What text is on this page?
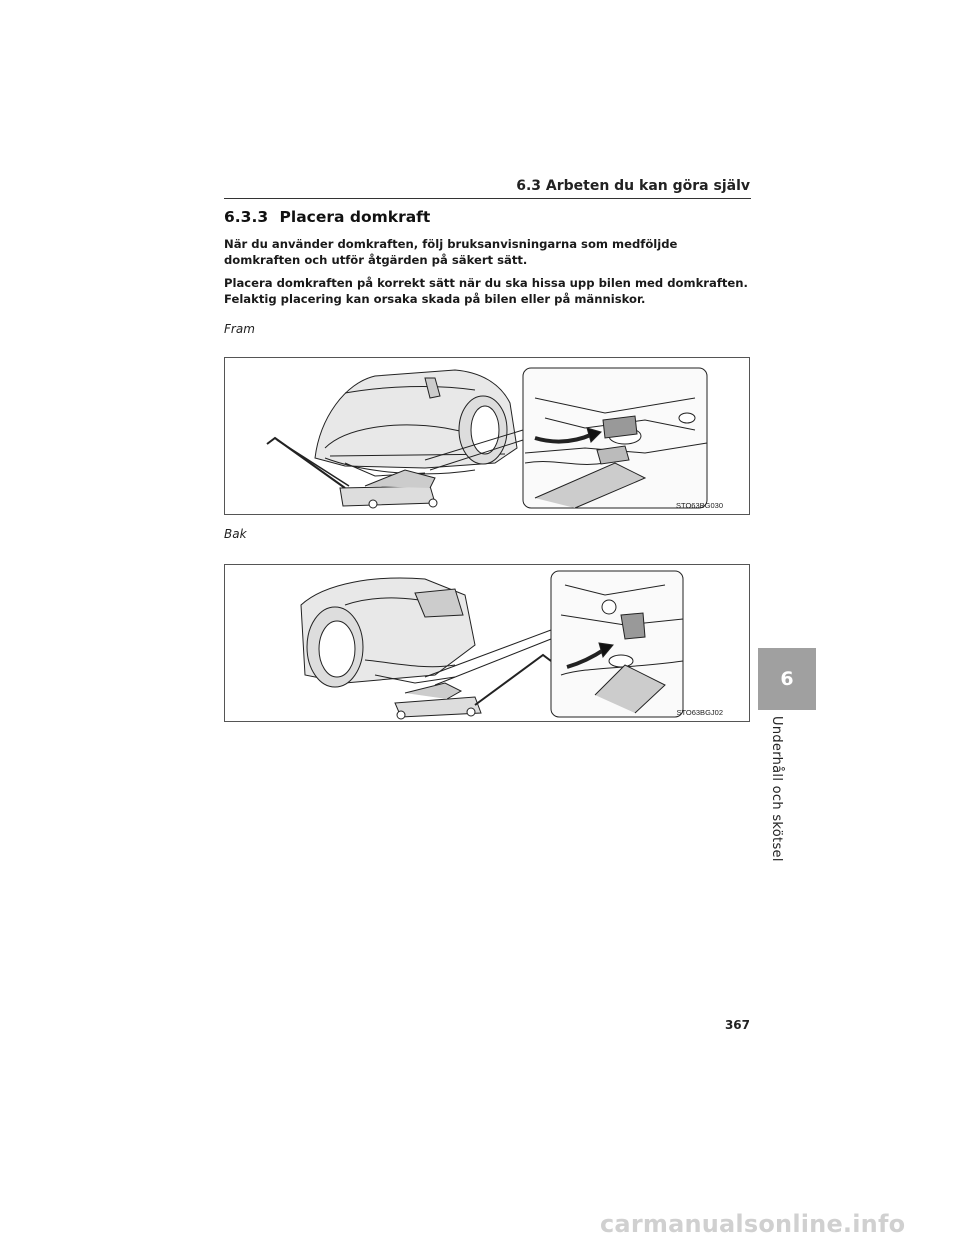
6.3 Arbeten du kan göra själv
6.3.3 Placera domkraft
När du använder domkraften, följ bruksanvisningarna som medföljde domkraften och utför åtgärden på säkert sätt.
Placera domkraften på korrekt sätt när du ska hissa upp bilen med domkraften. Felaktig placering kan orsaka skada på bilen eller på människor.
Fram
STO63BG030
Bak
STO63BGJ02
6
Underhåll och skötsel
367
carmanualsonline.info
